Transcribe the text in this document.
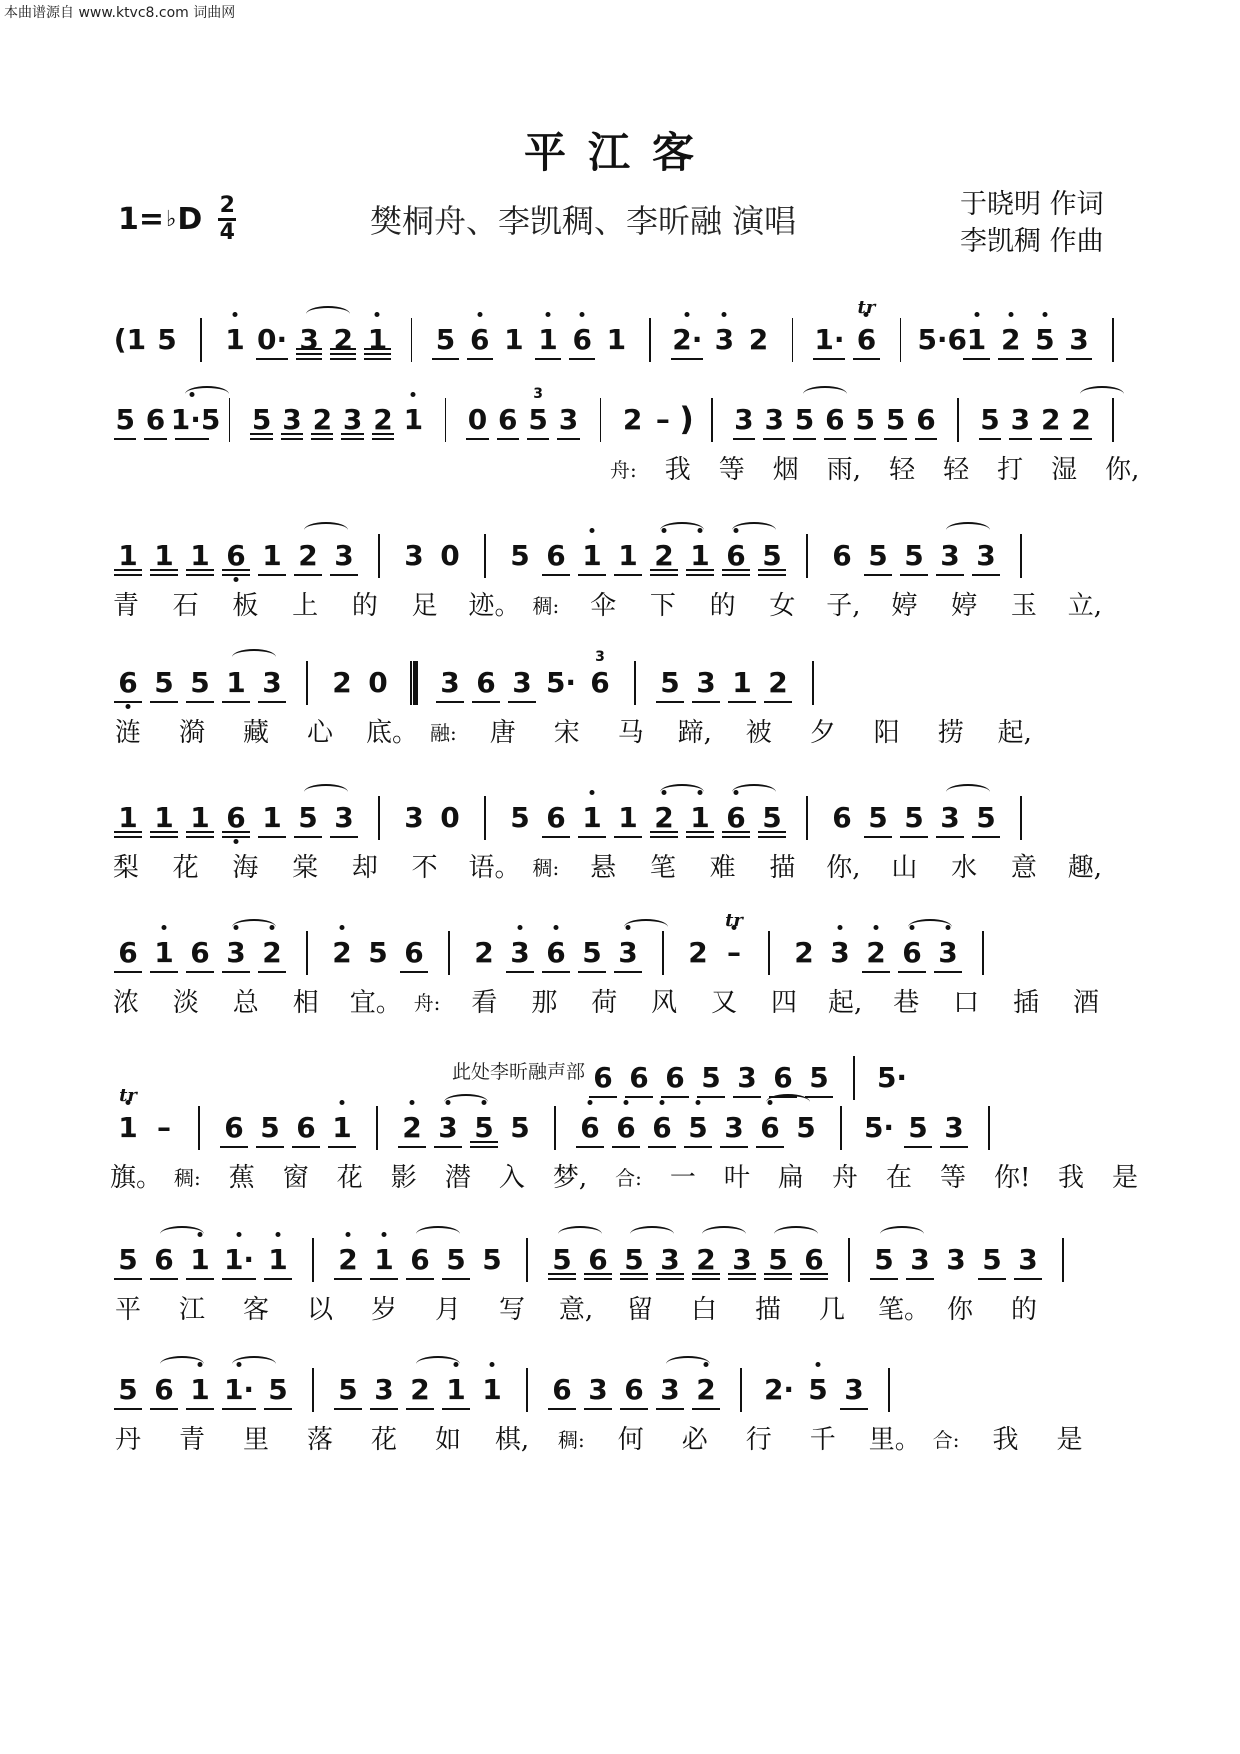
本曲谱源自 www.ktvc8.com 词曲网
平江客
1= ♭ D 2
4	樊桐舟、李凯稠、李昕融 演唱	于晓明 作词
李凯稠 作曲
此处李昕融声部 6 6 6 5 3 6 5 5·
(1 5 1 0· 3 2 1 5 6 1 1 6 1 2· 3 2 1· 6
tr
5·6 1 2 5 3
5 6 1·5 5 3 2 3 2 1 0 6 5
3
3 2 – ) 3 3 5 6 5 5 6 5 3 2 2
舟: 我 等 烟 雨, 轻 轻 打 湿 你,
1 1 1 6 1 2 3 3 0 5 6 1 1 2 1 6 5 6 5 5 3 3
青 石 板 上 的 足 迹。 稠: 伞 下 的 女 子, 婷 婷 玉 立,
6 5 5 1 3 2 0 3 6 3 5· 6
3
5 3 1 2
涟 漪 藏 心 底。 融: 唐 宋 马 蹄, 被 夕 阳 捞 起,
1 1 1 6 1 5 3 3 0 5 6 1 1 2 1 6 5 6 5 5 3 5
梨 花 海 棠 却 不 语。 稠: 悬 笔 难 描 你, 山 水 意 趣,
6 1 6 3 2 2 5 6 2 3 6 5 3 2 –
tr
2 3 2 6 3
浓 淡 总 相 宜。 舟: 看 那 荷 风 又 四 起, 巷 口 插 酒
1
tr
–	6 5 6 1 2 3 5 5 6 6 6 5 3 6 5 5· 5 3
旗。 稠: 蕉 窗 花 影 潜 入 梦, 合: 一 叶 扁 舟 在 等 你! 我 是
5 6 1 1· 1 2 1 6 5 5 5 6 5 3 2 3 5 6 5 3 3 5 3
平 江 客 以 岁 月 写 意, 留 白 描 几 笔。 你 的
5 6 1 1· 5 5 3 2 1 1 6 3 6 3 2 2· 5 3
丹 青 里 落 花 如 棋, 稠: 何 必 行 千 里。 合: 我 是
